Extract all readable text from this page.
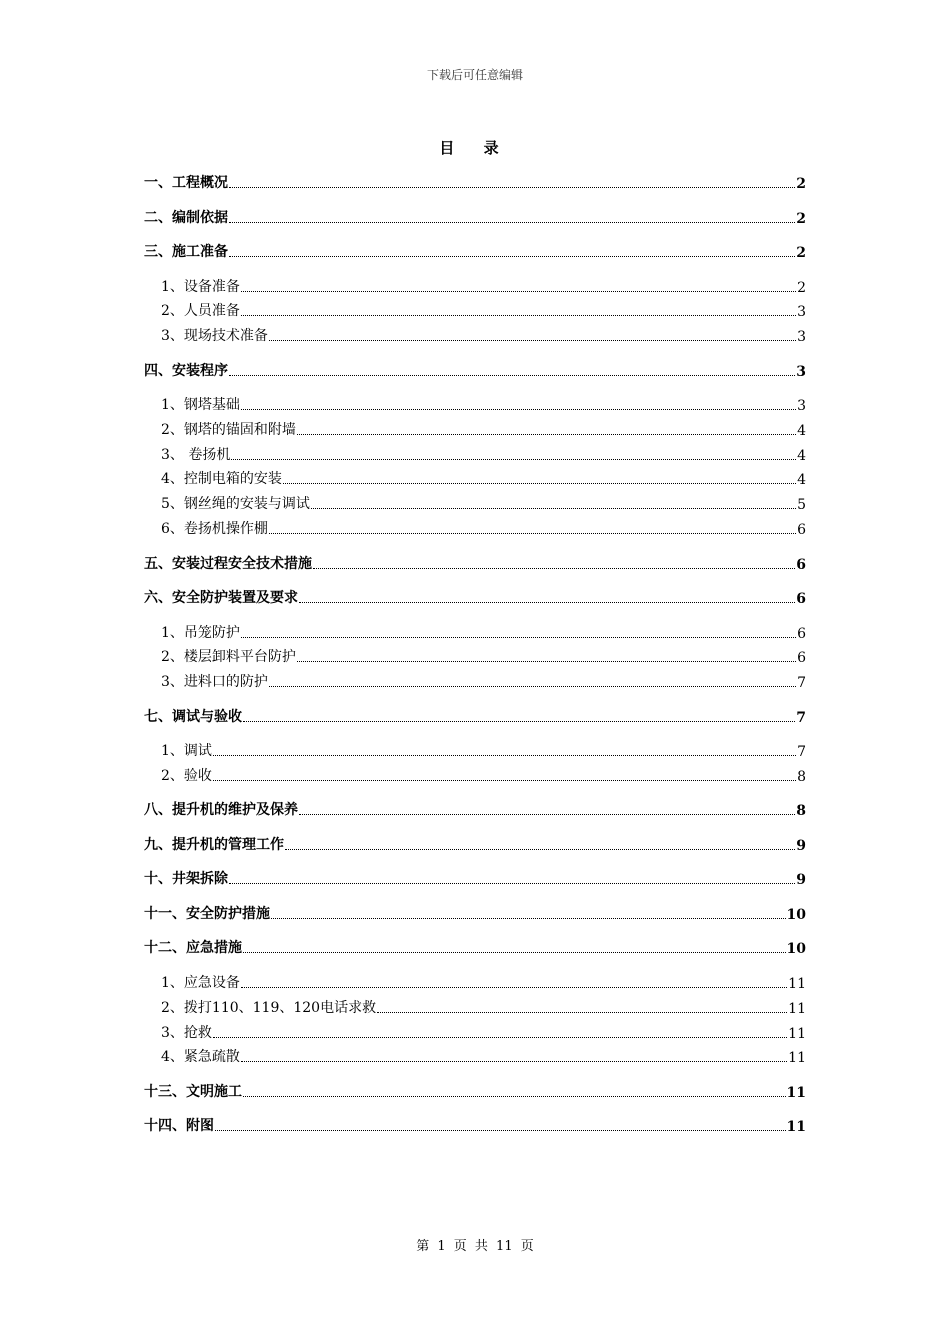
下载后可任意编辑
目 录
一、工程概况	2
二、编制依据	2
三、施工准备	2
1、设备准备	2
2、人员准备	3
3、现场技术准备	3
四、安装程序	3
1、钢塔基础	3
2、钢塔的锚固和附墙	4
3、 卷扬机	4
4、控制电箱的安装	4
5、钢丝绳的安装与调试	5
6、卷扬机操作棚	6
五、安装过程安全技术措施	6
六、安全防护装置及要求	6
1、吊笼防护	6
2、楼层卸料平台防护	6
3、进料口的防护	7
七、调试与验收	7
1、调试	7
2、验收	8
八、提升机的维护及保养	8
九、提升机的管理工作	9
十、井架拆除	9
十一、安全防护措施	10
十二、应急措施	10
1、应急设备	11
2、拨打110、119、120电话求救	11
3、抢救	11
4、紧急疏散	11
十三、文明施工	11
十四、附图	11
第 1 页 共 11 页
